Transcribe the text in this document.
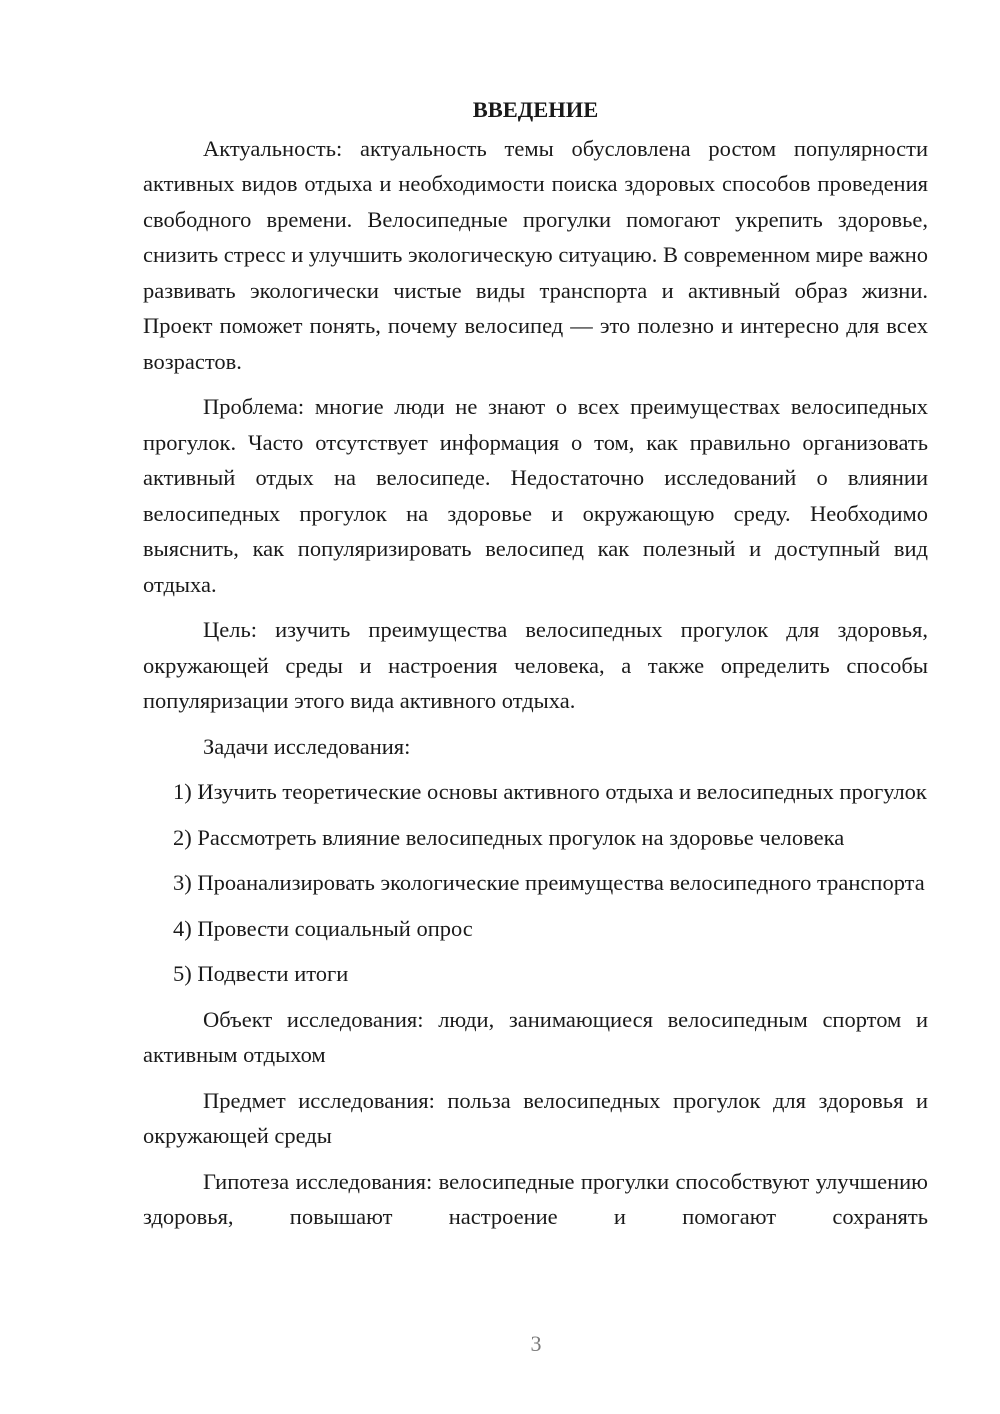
ВВЕДЕНИЕ

Актуальность: актуальность темы обусловлена ростом популярности активных видов отдыха и необходимости поиска здоровых способов проведения свободного времени. Велосипедные прогулки помогают укрепить здоровье, снизить стресс и улучшить экологическую ситуацию. В современном мире важно развивать экологически чистые виды транспорта и активный образ жизни. Проект поможет понять, почему велосипед — это полезно и интересно для всех возрастов.

Проблема: многие люди не знают о всех преимуществах велосипедных прогулок. Часто отсутствует информация о том, как правильно организовать активный отдых на велосипеде. Недостаточно исследований о влиянии велосипедных прогулок на здоровье и окружающую среду. Необходимо выяснить, как популяризировать велосипед как полезный и доступный вид отдыха.

Цель: изучить преимущества велосипедных прогулок для здоровья, окружающей среды и настроения человека, а также определить способы популяризации этого вида активного отдыха.

Задачи исследования:

1) Изучить теоретические основы активного отдыха и велосипедных прогулок

2) Рассмотреть влияние велосипедных прогулок на здоровье человека

3) Проанализировать экологические преимущества велосипедного транспорта

4) Провести социальный опрос

5) Подвести итоги

Объект исследования: люди, занимающиеся велосипедным спортом и активным отдыхом

Предмет исследования: польза велосипедных прогулок для здоровья и окружающей среды

Гипотеза исследования: велосипедные прогулки способствуют улучшению здоровья, повышают настроение и помогают сохранять

3
